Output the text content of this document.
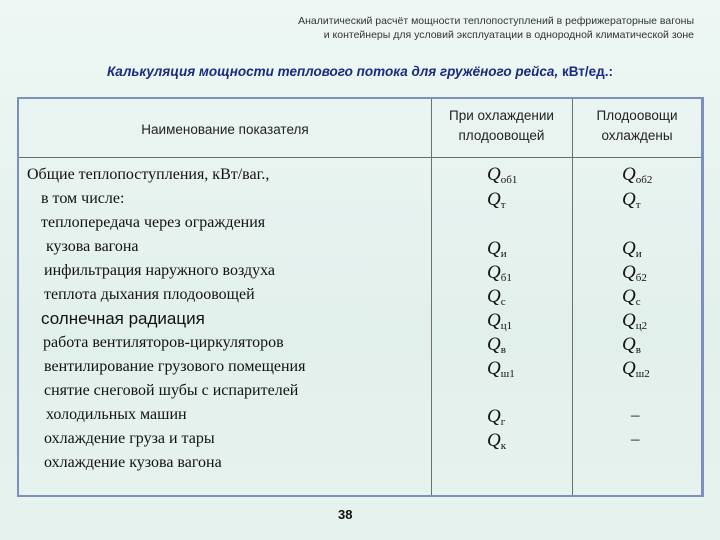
Аналитический расчёт мощности теплопоступлений в рефрижераторные вагоны
и контейнеры для условий эксплуатации в однородной климатической зоне
Калькуляция мощности теплового потока для гружёного рейса, кВт/ед.:
Наименование показателя
При охлаждении
плодоовощей
Плодоовощи
охлаждены
Общие теплопоступления, кВт/ваг.,
в том числе:
теплопередача через ограждения
кузова вагона
инфильтрация наружного воздуха
теплота дыхания плодоовощей
солнечная радиация
работа вентиляторов-циркуляторов
вентилирование грузового помещения
снятие снеговой шубы с испарителей
холодильных машин
охлаждение груза и тары
охлаждение кузова вагона
$Q_{об1}$
$Q_т$
$Q_и$
$Q_{б1}$
$Q_с$
$Q_{ц1}$
$Q_в$
$Q_{ш1}$
$Q_г$
$Q_к$
$Q_{об2}$
$Q_т$
$Q_и$
$Q_{б2}$
$Q_с$
$Q_{ц2}$
$Q_в$
$Q_{ш2}$
–
–
38
